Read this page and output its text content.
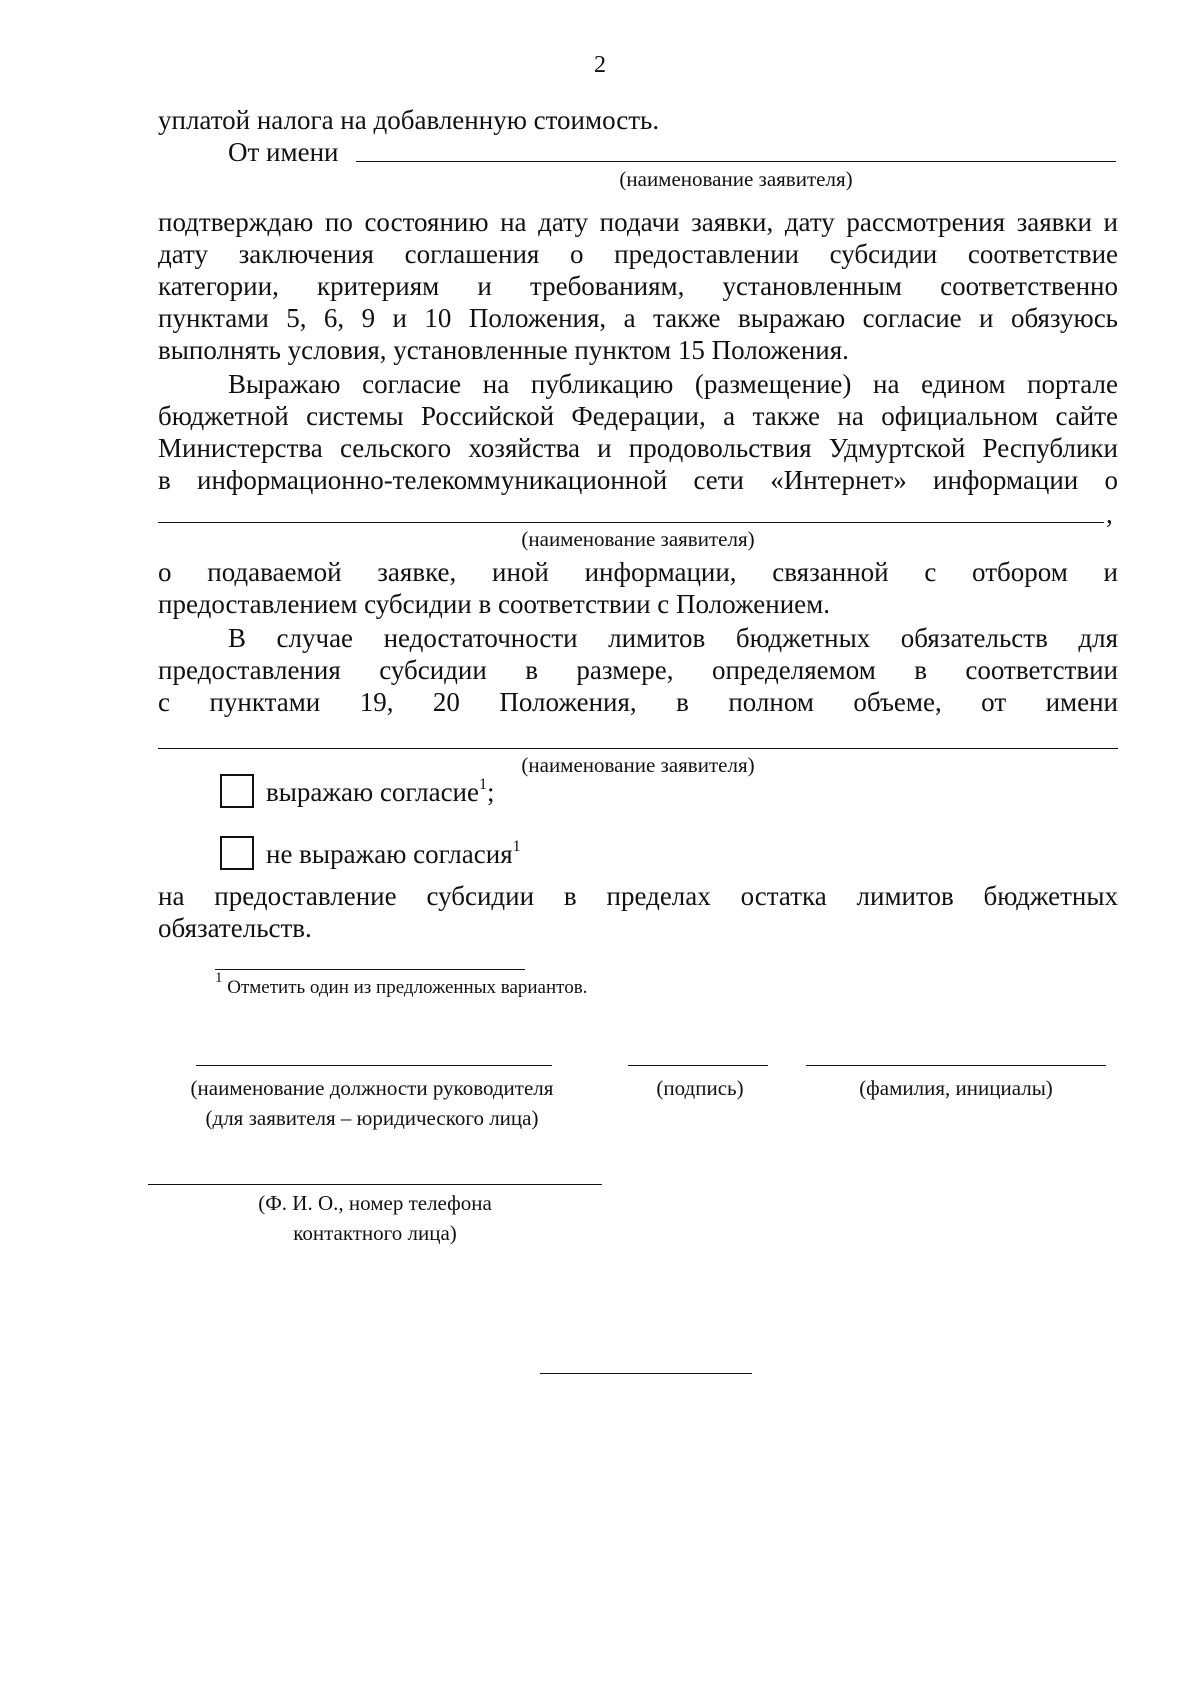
2

уплатой налога на добавленную стоимость.

От имени

(наименование заявителя)

подтверждаю по состоянию на дату подачи заявки, дату рассмотрения заявки и

дату заключения соглашения о предоставлении субсидии соответствие

категории, критериям и требованиям, установленным соответственно

пунктами 5, 6, 9 и 10 Положения, а также выражаю согласие и обязуюсь

выполнять условия, установленные пунктом 15 Положения.

Выражаю согласие на публикацию (размещение) на едином портале

бюджетной системы Российской Федерации, а также на официальном сайте

Министерства сельского хозяйства и продовольствия Удмуртской Республики

в информационно-телекоммуникационной сети «Интернет» информации о

,

(наименование заявителя)

о подаваемой заявке, иной информации, связанной с отбором и

предоставлением субсидии в соответствии с Положением.

В случае недостаточности лимитов бюджетных обязательств для

предоставления субсидии в размере, определяемом в соответствии

с пунктами 19, 20 Положения, в полном объеме, от имени

(наименование заявителя)
выражаю согласие$^1$;
не выражаю согласия$^1$

на предоставление субсидии в пределах остатка лимитов бюджетных

обязательств.

$^1$ Отметить один из предложенных вариантов.
(наименование должности руководителя
(для заявителя – юридического лица)
(подпись)	(фамилия, инициалы)
(Ф. И. О., номер телефона
контактного лица)
